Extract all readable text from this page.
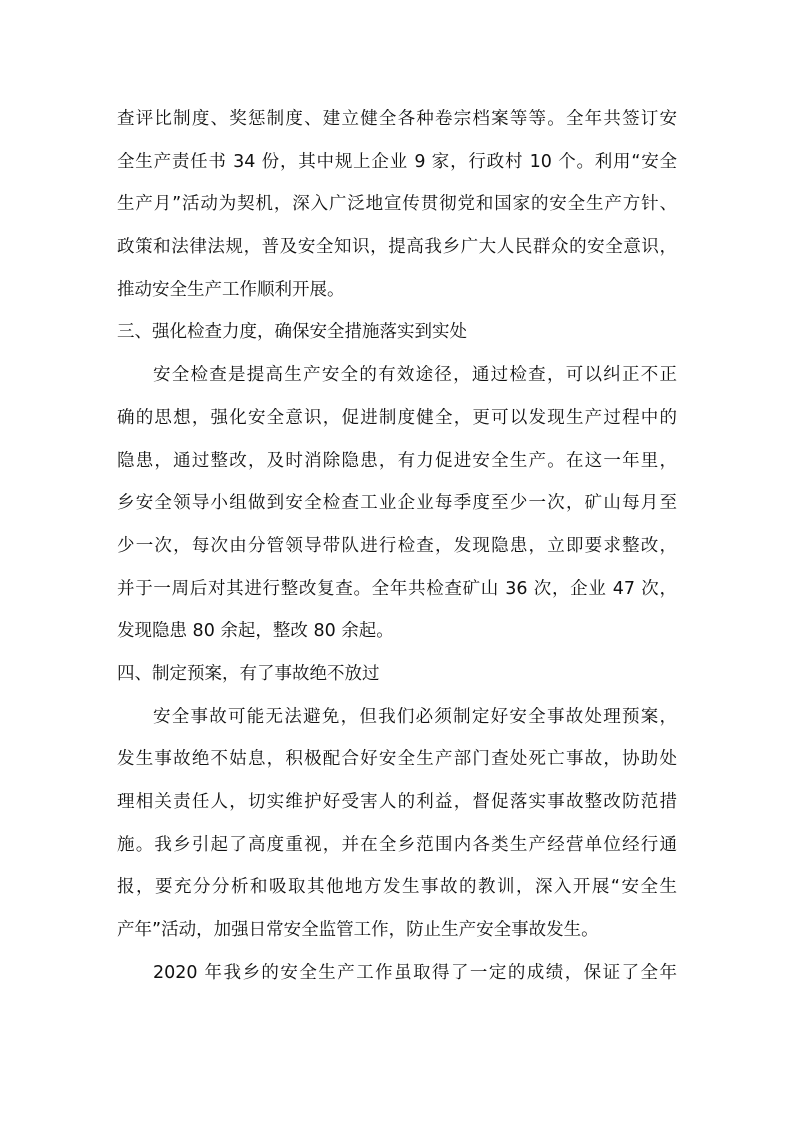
查评比制度、奖惩制度、建立健全各种卷宗档案等等。全年共签订安
全生产责任书 34 份，其中规上企业 9 家，行政村 10 个。利用“安全
生产月”活动为契机，深入广泛地宣传贯彻党和国家的安全生产方针、
政策和法律法规，普及安全知识，提高我乡广大人民群众的安全意识，
推动安全生产工作顺利开展。
三、强化检查力度，确保安全措施落实到实处
安全检查是提高生产安全的有效途径，通过检查，可以纠正不正
确的思想，强化安全意识，促进制度健全，更可以发现生产过程中的
隐患，通过整改，及时消除隐患，有力促进安全生产。在这一年里，
乡安全领导小组做到安全检查工业企业每季度至少一次，矿山每月至
少一次，每次由分管领导带队进行检查，发现隐患，立即要求整改，
并于一周后对其进行整改复查。全年共检查矿山 36 次，企业 47 次，
发现隐患 80 余起，整改 80 余起。
四、制定预案，有了事故绝不放过
安全事故可能无法避免，但我们必须制定好安全事故处理预案，
发生事故绝不姑息，积极配合好安全生产部门查处死亡事故，协助处
理相关责任人，切实维护好受害人的利益，督促落实事故整改防范措
施。我乡引起了高度重视，并在全乡范围内各类生产经营单位经行通
报，要充分分析和吸取其他地方发生事故的教训，深入开展“安全生
产年”活动，加强日常安全监管工作，防止生产安全事故发生。
2020 年我乡的安全生产工作虽取得了一定的成绩，保证了全年
